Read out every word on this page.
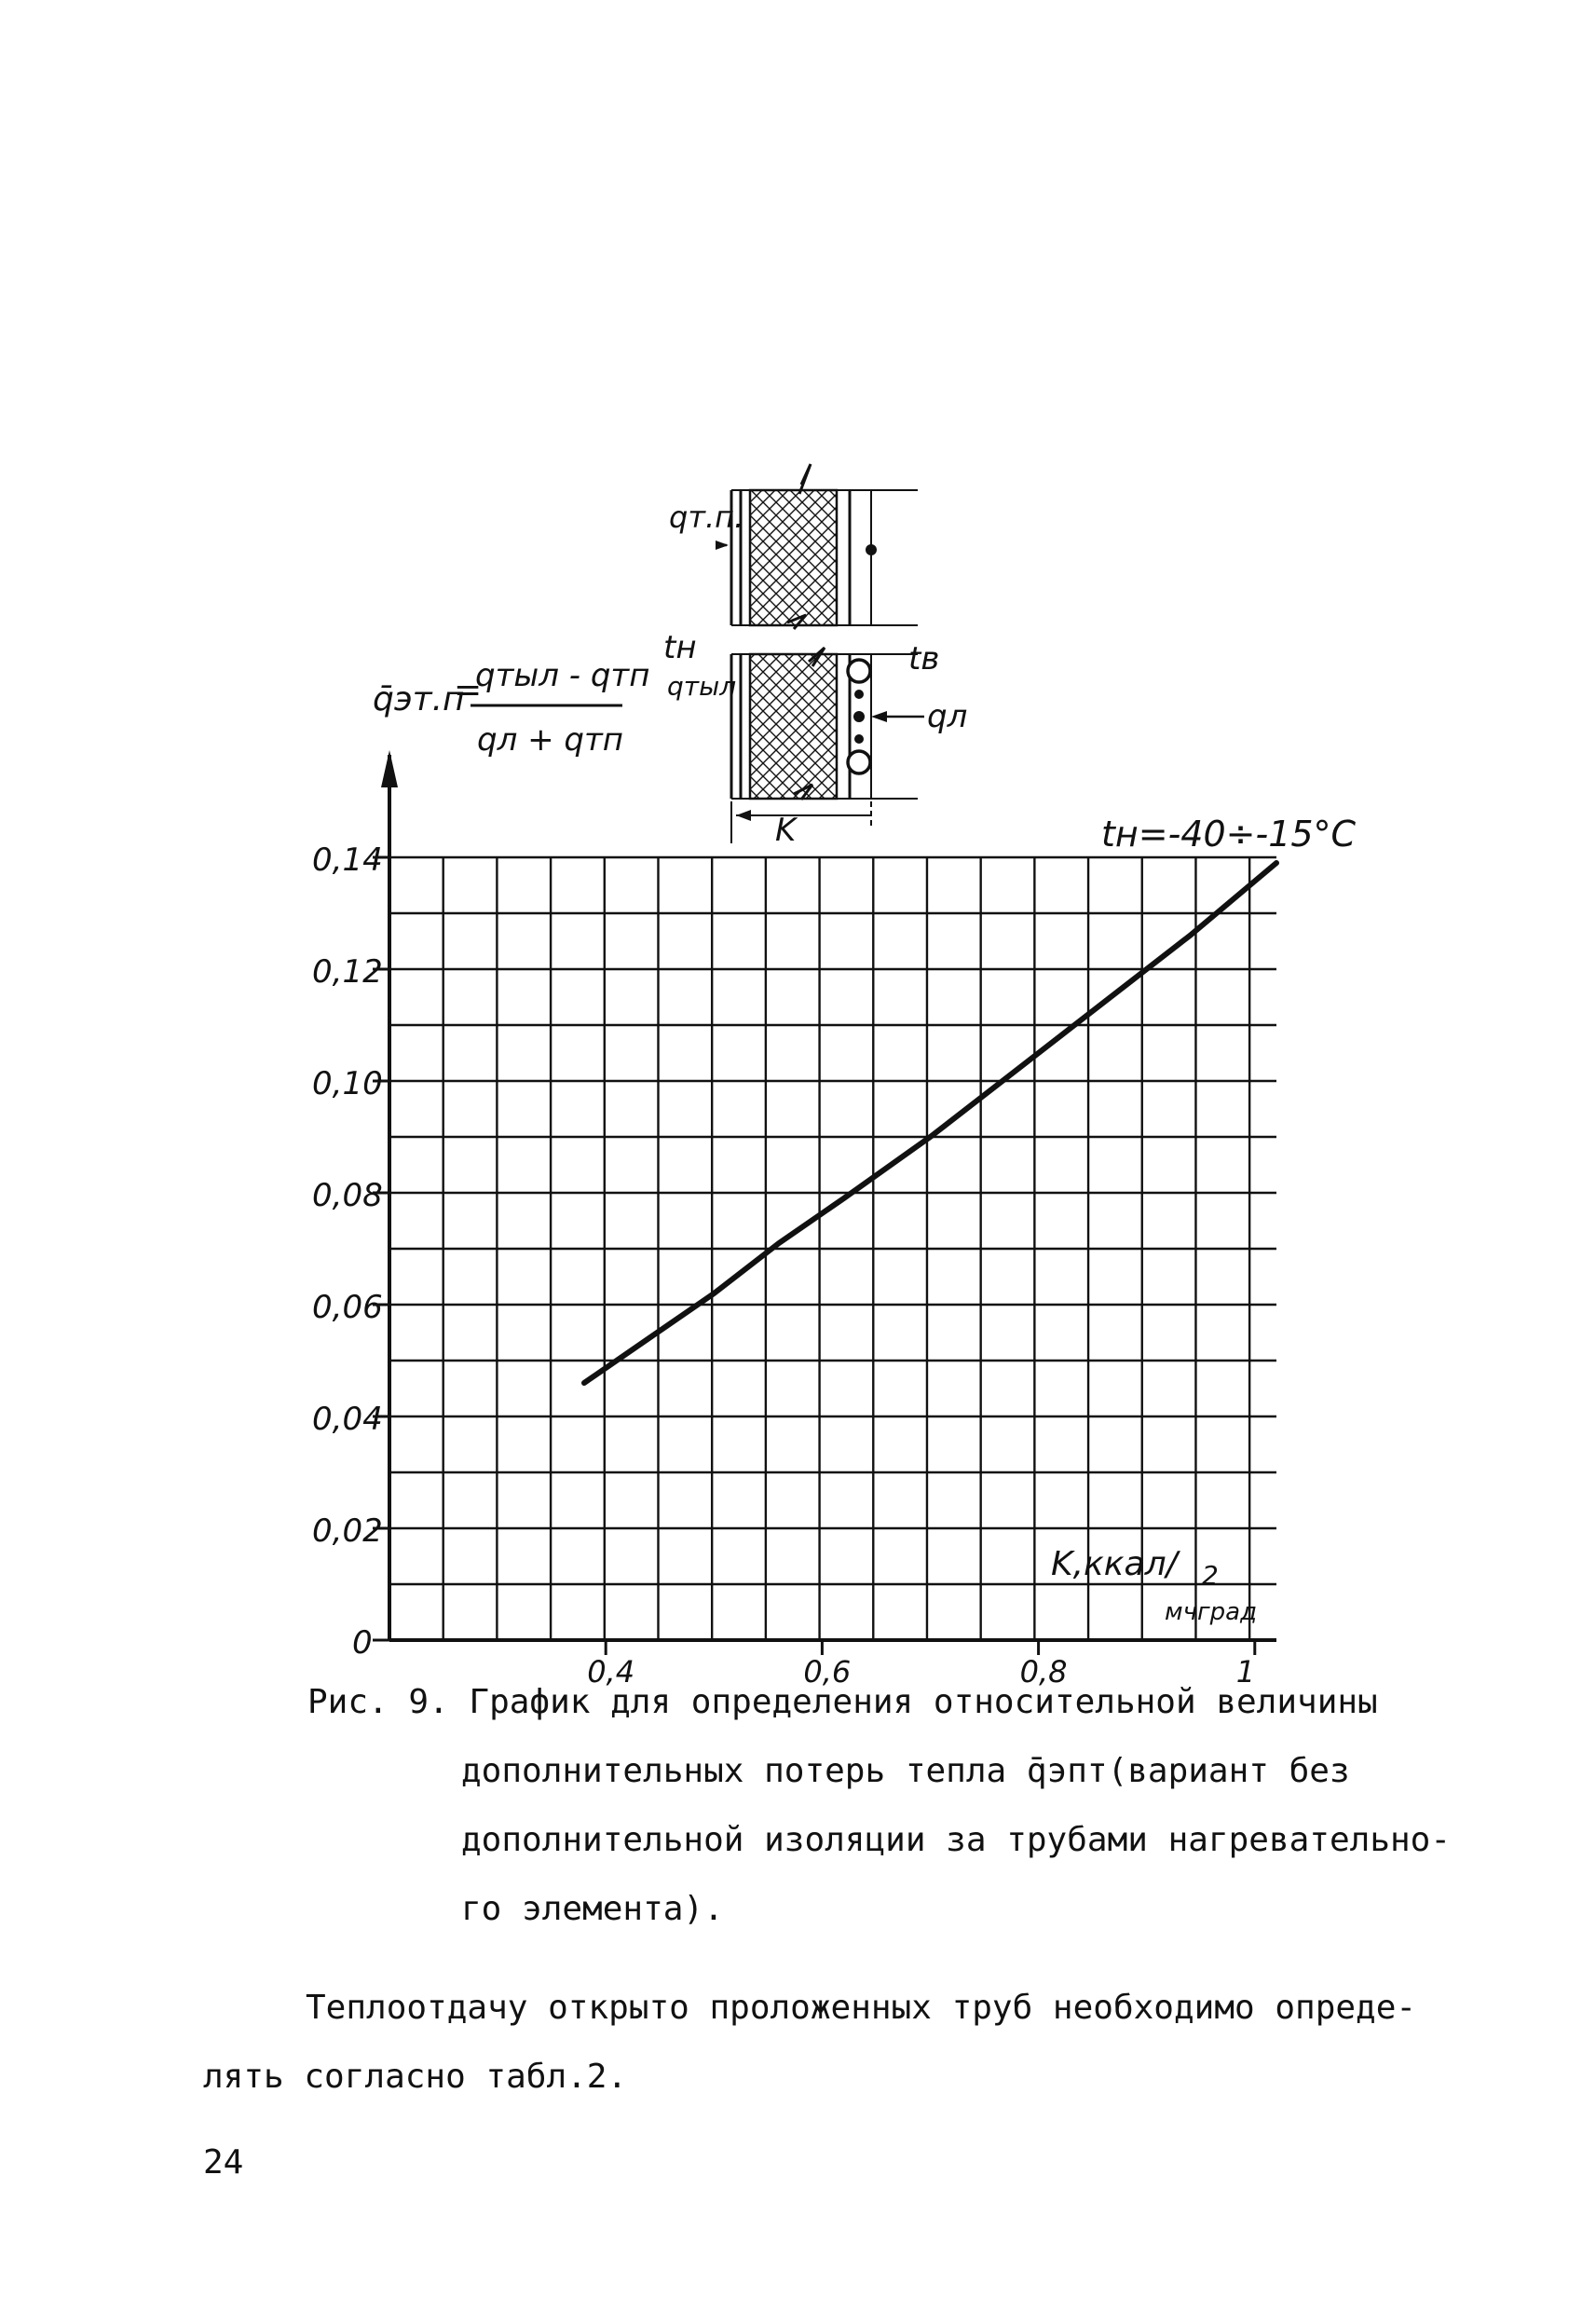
qт.п.
tн	tв
qтыл
qл
K
q̄эт.п
=
qтыл - qтп
qл + qтп
0
0,02
0,04
0,06
0,08
0,10
0,12
0,14
0,4	0,6	0,8	1
tн=-40÷-15°C
K,ккал/ 2
мчград
Рис. 9. График для определения относительной величины
дополнительных потерь тепла q̄эпт(вариант без
дополнительной изоляции за трубами нагревательно-
го элемента).
Теплоотдачу открыто проложенных труб необходимо опреде-
лять согласно табл.2.
24
